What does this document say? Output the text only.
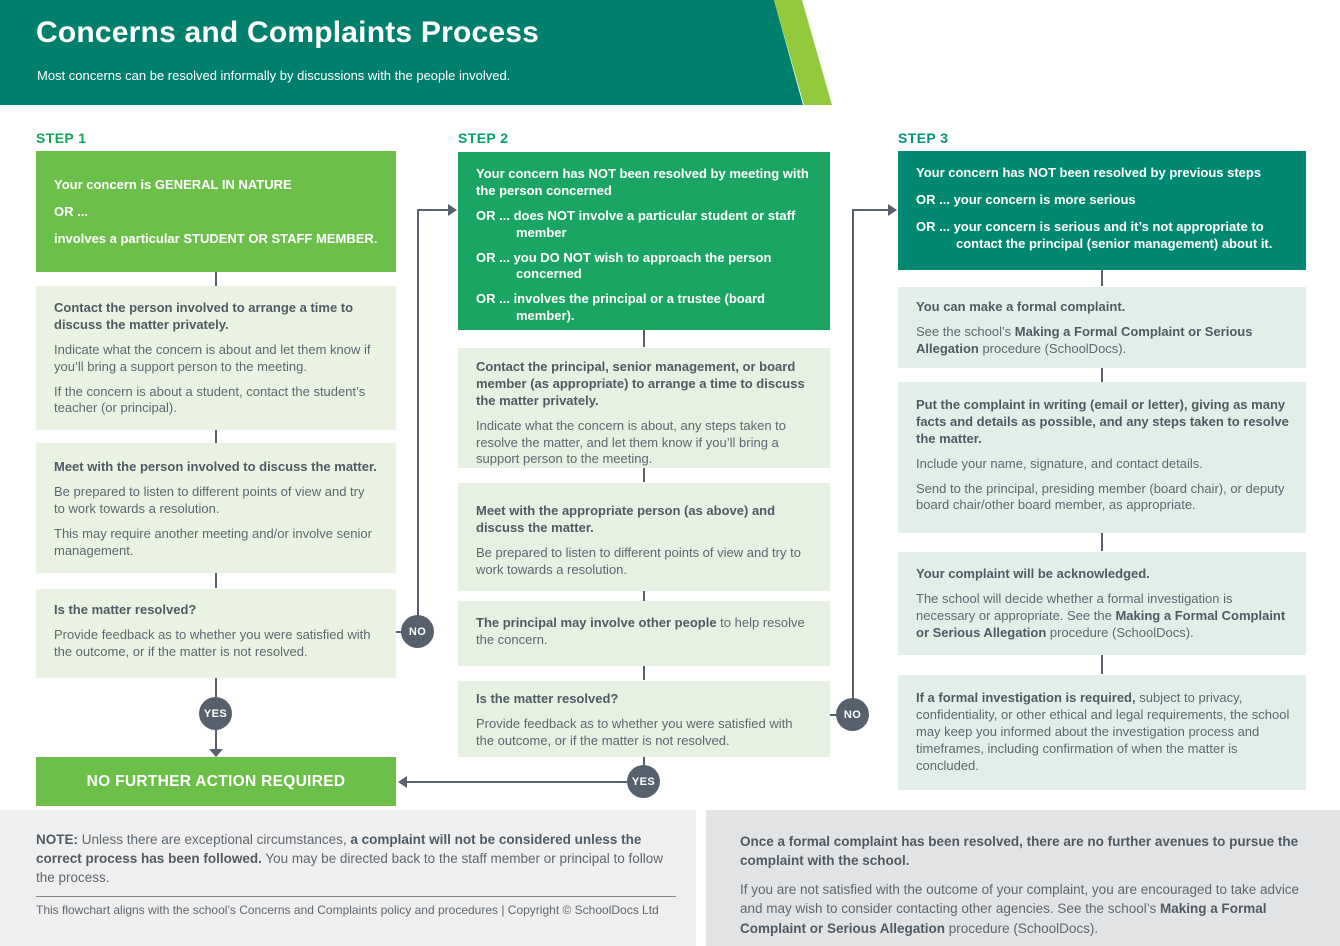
Concerns and Complaints Process

Most concerns can be resolved informally by discussions with the people involved.

STEP 1	STEP 2	STEP 3

Your concern is GENERAL IN NATURE

OR ...

involves a particular STUDENT OR STAFF MEMBER.

Contact the person involved to arrange a time to discuss the matter privately.

Indicate what the concern is about and let them know if you’ll bring a support person to the meeting.

If the concern is about a student, contact the student’s teacher (or principal).

Meet with the person involved to discuss the matter.

Be prepared to listen to different points of view and try to work towards a resolution.

This may require another meeting and/or involve senior management.

Is the matter resolved?

Provide feedback as to whether you were satisfied with the outcome, or if the matter is not resolved.

Your concern has NOT been resolved by meeting with the person concerned

OR ... does NOT involve a particular student or staff member

OR ... you DO NOT wish to approach the person concerned

OR ... involves the principal or a trustee (board member).

Contact the principal, senior management, or board member (as appropriate) to arrange a time to discuss the matter privately.

Indicate what the concern is about, any steps taken to resolve the matter, and let them know if you’ll bring a support person to the meeting.

Meet with the appropriate person (as above) and discuss the matter.

Be prepared to listen to different points of view and try to work towards a resolution.

The principal may involve other people to help resolve the concern.

Is the matter resolved?

Provide feedback as to whether you were satisfied with the outcome, or if the matter is not resolved.

Your concern has NOT been resolved by previous steps

OR ... your concern is more serious

OR ... your concern is serious and it’s not appropriate to contact the principal (senior management) about it.

You can make a formal complaint.

See the school’s Making a Formal Complaint or Serious Allegation procedure (SchoolDocs).

Put the complaint in writing (email or letter), giving as many facts and details as possible, and any steps taken to resolve the matter.

Include your name, signature, and contact details.

Send to the principal, presiding member (board chair), or deputy board chair/other board member, as appropriate.

Your complaint will be acknowledged.

The school will decide whether a formal investigation is necessary or appropriate. See the Making a Formal Complaint or Serious Allegation procedure (SchoolDocs).

If a formal investigation is required, subject to privacy, confidentiality, or other ethical and legal requirements, the school may keep you informed about the investigation process and timeframes, including confirmation of when the matter is concluded.

NO FURTHER ACTION REQUIRED
NO
YES	NO
YES

NOTE: Unless there are exceptional circumstances, a complaint will not be considered unless the correct process has been followed. You may be directed back to the staff member or principal to follow the process.

Once a formal complaint has been resolved, there are no further avenues to pursue the complaint with the school.

If you are not satisfied with the outcome of your complaint, you are encouraged to take advice and may wish to consider contacting other agencies. See the school’s Making a Formal Complaint or Serious Allegation procedure (SchoolDocs).

This flowchart aligns with the school’s Concerns and Complaints policy and procedures | Copyright © SchoolDocs Ltd
